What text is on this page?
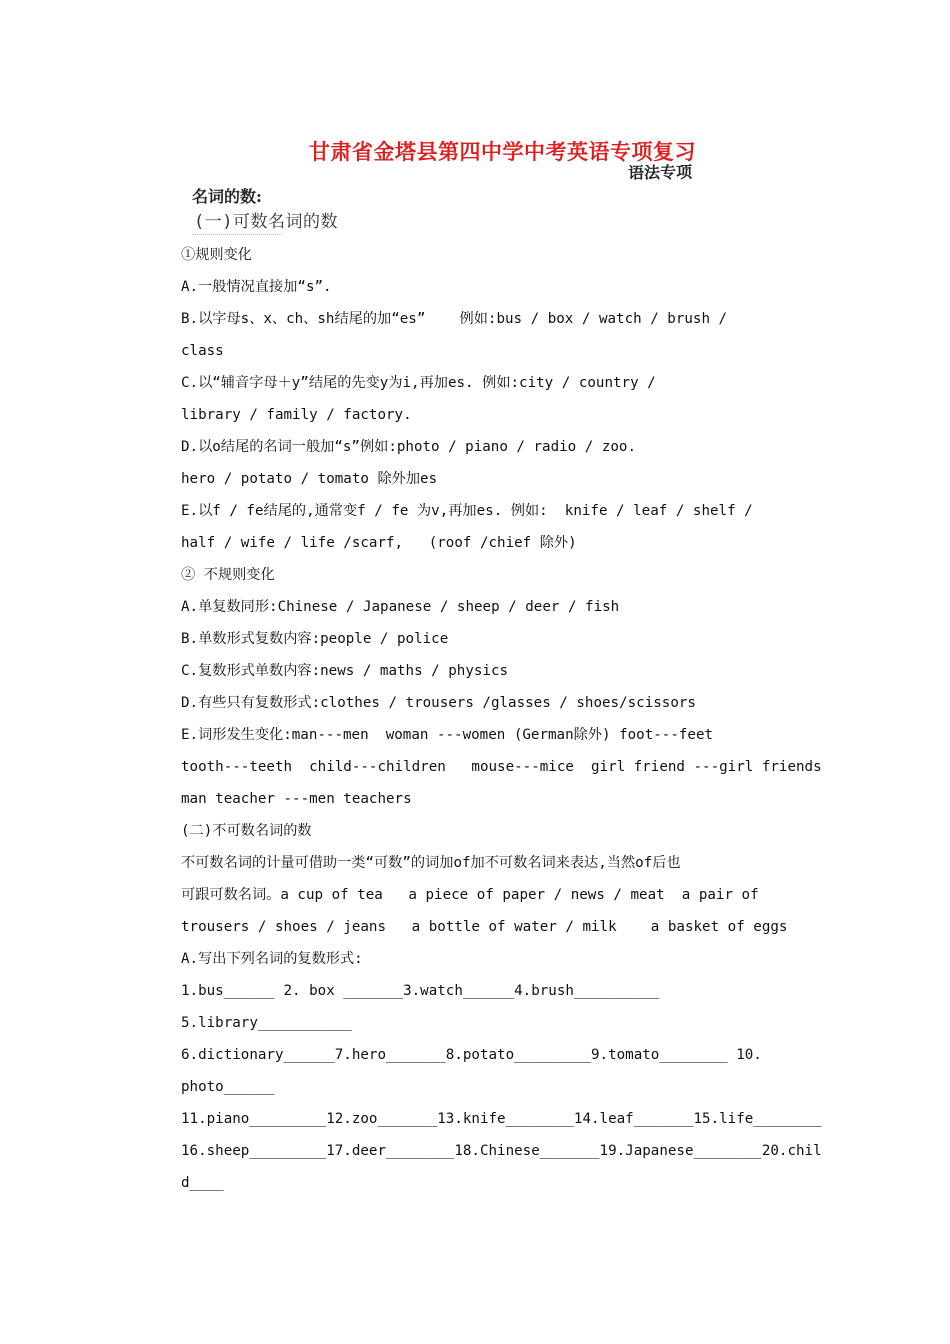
甘肃省金塔县第四中学中考英语专项复习
语法专项
名词的数:
(一)可数名词的数
①规则变化
A.一般情况直接加“s”.
B.以字母s、x、ch、sh结尾的加“es”    例如:bus / box / watch / brush /
class
C.以“辅音字母＋y”结尾的先变y为i,再加es. 例如:city / country /
library / family / factory.
D.以o结尾的名词一般加“s”例如:photo / piano / radio / zoo.
hero / potato / tomato 除外加es
E.以f / fe结尾的,通常变f / fe 为v,再加es. 例如:  knife / leaf / shelf /
half / wife / life /scarf,   (roof /chief 除外)
② 不规则变化
A.单复数同形:Chinese / Japanese / sheep / deer / fish
B.单数形式复数内容:people / police
C.复数形式单数内容:news / maths / physics
D.有些只有复数形式:clothes / trousers /glasses / shoes/scissors
E.词形发生变化:man---men  woman ---women (German除外) foot---feet
tooth---teeth  child---children   mouse---mice  girl friend ---girl friends
man teacher ---men teachers
(二)不可数名词的数
不可数名词的计量可借助一类“可数”的词加of加不可数名词来表达,当然of后也
可跟可数名词。a cup of tea   a piece of paper / news / meat  a pair of
trousers / shoes / jeans   a bottle of water / milk    a basket of eggs
A.写出下列名词的复数形式:
1.bus______ 2. box _______3.watch______4.brush__________
5.library___________
6.dictionary______7.hero_______8.potato_________9.tomato________ 10.
photo______
11.piano_________12.zoo_______13.knife________14.leaf_______15.life________
16.sheep_________17.deer________18.Chinese_______19.Japanese________20.chil
d____
